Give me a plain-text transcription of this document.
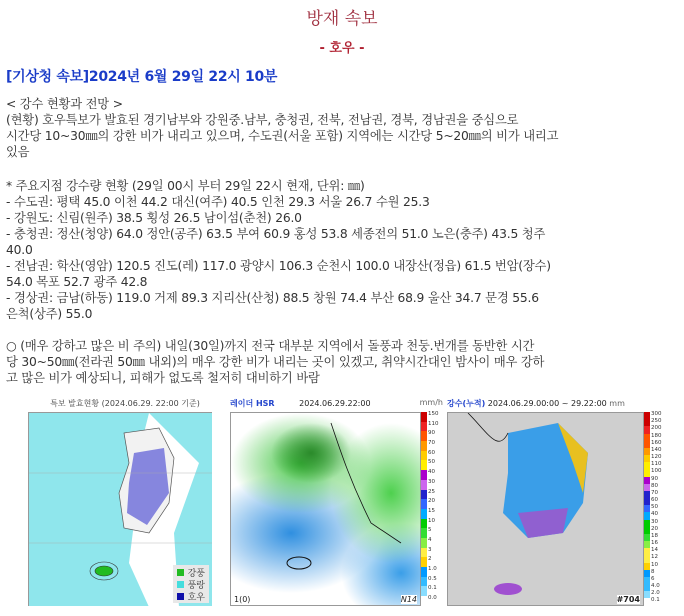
방재 속보
- 호우 -
[기상청 속보]2024년 6월 29일 22시 10분
< 강수 현황과 전망 >
(현황) 호우특보가 발효된 경기남부와 강원중.남부, 충청권, 전북, 전남권, 경북, 경남권을 중심으로
시간당 10~30㎜의 강한 비가 내리고 있으며, 수도권(서울 포함) 지역에는 시간당 5~20㎜의 비가 내리고
있음
* 주요지점 강수량 현황 (29일 00시 부터 29일 22시 현재, 단위: ㎜)
- 수도권: 평택 45.0 이천 44.2 대신(여주) 40.5 인천 29.3 서울 26.7 수원 25.3
- 강원도: 신림(원주) 38.5 횡성 26.5 남이섬(춘천) 26.0
- 충청권: 정산(청양) 64.0 정안(공주) 63.5 부여 60.9 홍성 53.8 세종전의 51.0 노은(충주) 43.5 청주
40.0
- 전남권: 학산(영암) 120.5 진도(레) 117.0 광양시 106.3 순천시 100.0 내장산(정읍) 61.5 번암(장수)
54.0 목포 52.7 광주 42.8
- 경상권: 금남(하동) 119.0 거제 89.3 지리산(산청) 88.5 창원 74.4 부산 68.9 울산 34.7 문경 55.6
은척(상주) 55.0
○ (매우 강하고 많은 비 주의) 내일(30일)까지 전국 대부분 지역에서 돌풍과 천둥.번개를 동반한 시간
당 30~50㎜(전라권 50㎜ 내외)의 매우 강한 비가 내리는 곳이 있겠고, 취약시간대인 밤사이 매우 강하
고 많은 비가 예상되니, 피해가 없도록 철저히 대비하기 바람
특보 발효현황 (2024.06.29. 22:00 기준)
강풍
풍랑
호우
레이더 HSR	2024.06.29.22:00	mm/h
1(0)	N14
150
110
90
70
60
50
40
30
25
20
15
10
5
4
3
2
1.0
0.5
0.1
0.0
강수(누적) 2024.06.29.00:00 ~ 29.22:00 mm
#704
300
250
200
180
160
140
120
110
100
90
80
70
60
50
40
30
20
18
16
14
12
10
8
6
4.0
2.0
0.1
